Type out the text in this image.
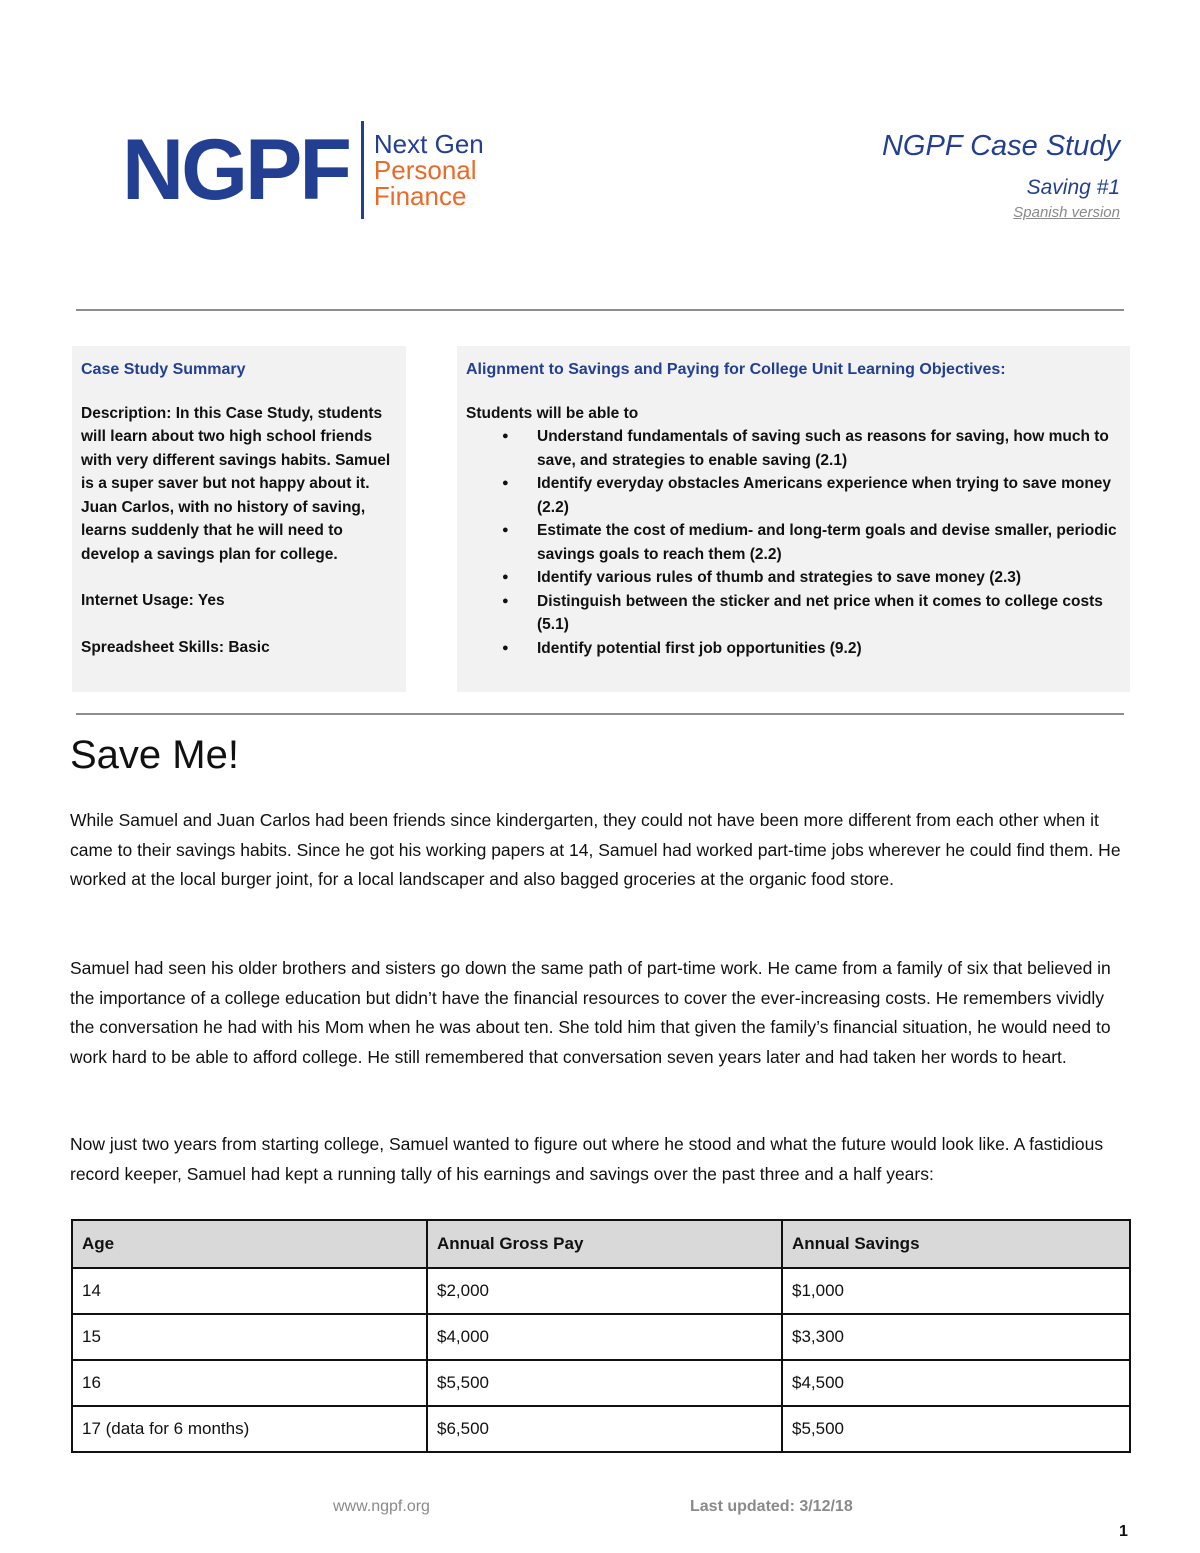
NGPF Next Gen
Personal
Finance
NGPF Case Study
Saving #1
Spanish version
Case Study Summary
Description: In this Case Study, students will learn about two high school friends with very different savings habits. Samuel is a super saver but not happy about it. Juan Carlos, with no history of saving, learns suddenly that he will need to develop a savings plan for college.
Internet Usage: Yes
Spreadsheet Skills: Basic
Alignment to Savings and Paying for College Unit Learning Objectives:
Students will be able to
● Understand fundamentals of saving such as reasons for saving, how much to save, and strategies to enable saving (2.1)
● Identify everyday obstacles Americans experience when trying to save money (2.2)
● Estimate the cost of medium- and long-term goals and devise smaller, periodic savings goals to reach them (2.2)
● Identify various rules of thumb and strategies to save money (2.3)
● Distinguish between the sticker and net price when it comes to college costs (5.1)
● Identify potential first job opportunities (9.2)
Save Me!
While Samuel and Juan Carlos had been friends since kindergarten, they could not have been more different from each other when it came to their savings habits. Since he got his working papers at 14, Samuel had worked part-time jobs wherever he could find them. He worked at the local burger joint, for a local landscaper and also bagged groceries at the organic food store.
Samuel had seen his older brothers and sisters go down the same path of part-time work. He came from a family of six that believed in the importance of a college education but didn’t have the financial resources to cover the ever-increasing costs. He remembers vividly the conversation he had with his Mom when he was about ten. She told him that given the family’s financial situation, he would need to work hard to be able to afford college. He still remembered that conversation seven years later and had taken her words to heart.
Now just two years from starting college, Samuel wanted to figure out where he stood and what the future would look like. A fastidious record keeper, Samuel had kept a running tally of his earnings and savings over the past three and a half years:
Age	Annual Gross Pay	Annual Savings
14	$2,000	$1,000
15	$4,000	$3,300
16	$5,500	$4,500
17 (data for 6 months)	$6,500	$5,500
www.ngpf.org	Last updated: 3/12/18
1
